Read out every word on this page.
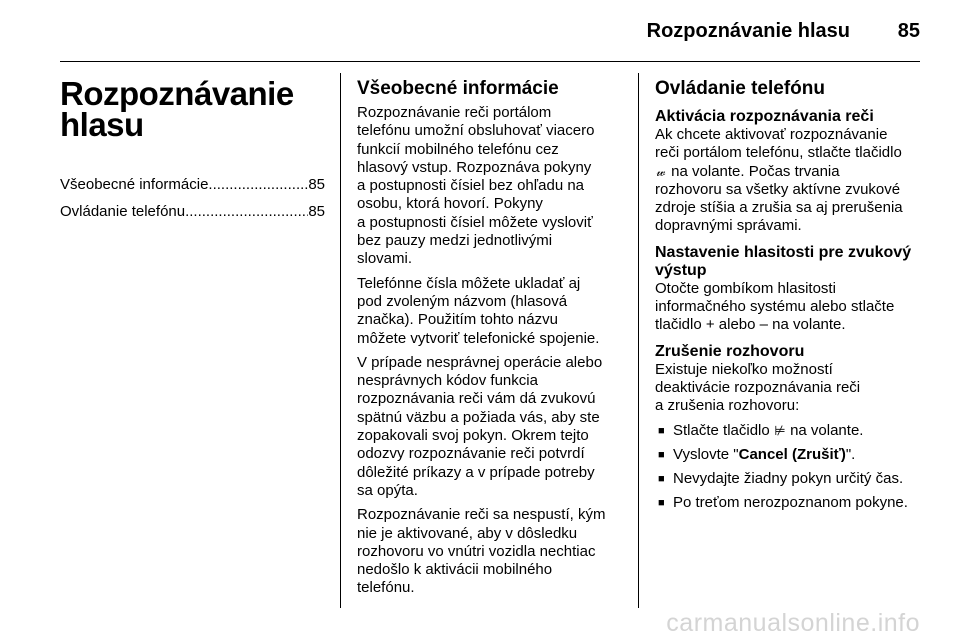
Rozpoznávanie hlasu 85
Rozpoznávanie
hlasu
Všeobecné informácie .....	85
Ovládanie telefónu .....	85
Všeobecné informácie

Rozpoznávanie reči portálom
telefónu umožní obsluhovať viacero
funkcií mobilného telefónu cez
hlasový vstup. Rozpoznáva pokyny
a postupnosti čísiel bez ohľadu na
osobu, ktorá hovorí. Pokyny
a postupnosti čísiel môžete vysloviť
bez pauzy medzi jednotlivými
slovami.

Telefónne čísla môžete ukladať aj
pod zvoleným názvom (hlasová
značka). Použitím tohto názvu
môžete vytvoriť telefonické spojenie.

V prípade nesprávnej operácie alebo
nesprávnych kódov funkcia
rozpoznávania reči vám dá zvukovú
spätnú väzbu a požiada vás, aby ste
zopakovali svoj pokyn. Okrem tejto
odozvy rozpoznávanie reči potvrdí
dôležité príkazy a v prípade potreby
sa opýta.

Rozpoznávanie reči sa nespustí, kým
nie je aktivované, aby v dôsledku
rozhovoru vo vnútri vozidla nechtiac
nedošlo k aktivácii mobilného
telefónu.

Ovládanie telefónu
Aktivácia rozpoznávania reči

Ak chcete aktivovať rozpoznávanie
reči portálom telefónu, stlačte tlačidlo
𝓌 na volante. Počas trvania
rozhovoru sa všetky aktívne zvukové
zdroje stíšia a zrušia sa aj prerušenia
dopravnými správami.

Nastavenie hlasitosti pre zvukový
výstup

Otočte gombíkom hlasitosti
informačného systému alebo stlačte
tlačidlo + alebo – na volante.

Zrušenie rozhovoru

Existuje niekoľko možností
deaktivácie rozpoznávania reči
a zrušenia rozhovoru:

■ Stlačte tlačidlo ⊭ na volante.
■ Vyslovte "Cancel (Zrušiť)".
■ Nevydajte žiadny pokyn určitý čas.
■ Po treťom nerozpoznanom pokyne.
carmanualsonline.info
